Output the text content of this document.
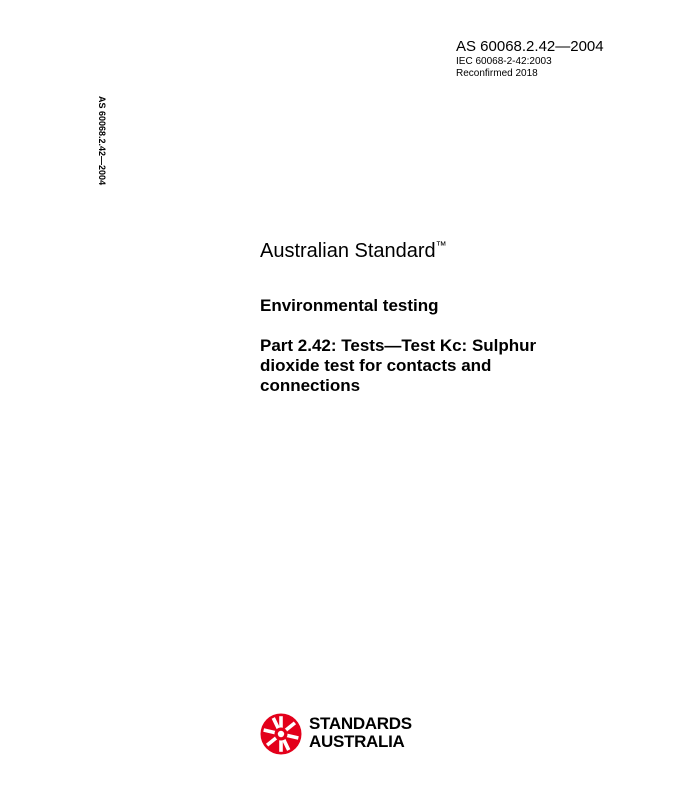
AS 60068.2.42—2004
IEC 60068-2-42:2003
Reconfirmed 2018
AS 60068.2.42—2004
Australian Standard™
Environmental testing
Part 2.42: Tests—Test Kc: Sulphur dioxide test for contacts and connections
STANDARDS
AUSTRALIA
